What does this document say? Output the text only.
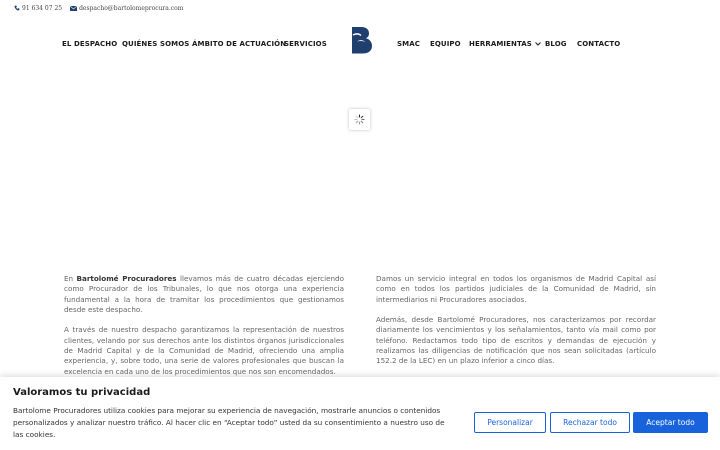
91 634 07 25	despacho@bartolomeprocura.com
EL DESPACHO QUIÉNES SOMOS ÁMBITO DE ACTUACIÓN
SERVICIOS	SMAC EQUIPO HERRAMIENTAS	BLOG CONTACTO

En Bartolomé Procuradores llevamos más de cuatro décadas ejerciendo como Procurador de los Tribunales, lo que nos otorga una experiencia fundamental a la hora de tramitar los procedimientos que gestionamos desde este despacho.

A través de nuestro despacho garantizamos la representación de nuestros clientes, velando por sus derechos ante los distintos órganos jurisdiccionales de Madrid Capital y de la Comunidad de Madrid, ofreciendo una amplia experiencia, y, sobre todo, una serie de valores profesionales que buscan la excelencia en cada uno de los procedimientos que nos son encomendados.

Damos un servicio integral en todos los organismos de Madrid Capital así como en todos los partidos judiciales de la Comunidad de Madrid, sin intermediarios ni Procuradores asociados.

Además, desde Bartolomé Procuradores, nos caracterizamos por recordar diariamente los vencimientos y los señalamientos, tanto vía mail como por teléfono. Redactamos todo tipo de escritos y demandas de ejecución y realizamos las diligencias de notificación que nos sean solicitadas (artículo 152.2 de la LEC) en un plazo inferior a cinco días.

Valoramos tu privacidad
Bartolome Procuradores utiliza cookies para mejorar su experiencia de navegación, mostrarle anuncios o contenidos personalizados y analizar nuestro tráfico. Al hacer clic en “Aceptar todo” usted da su consentimiento a nuestro uso de las cookies.
Personalizar	Rechazar todo	Aceptar todo
